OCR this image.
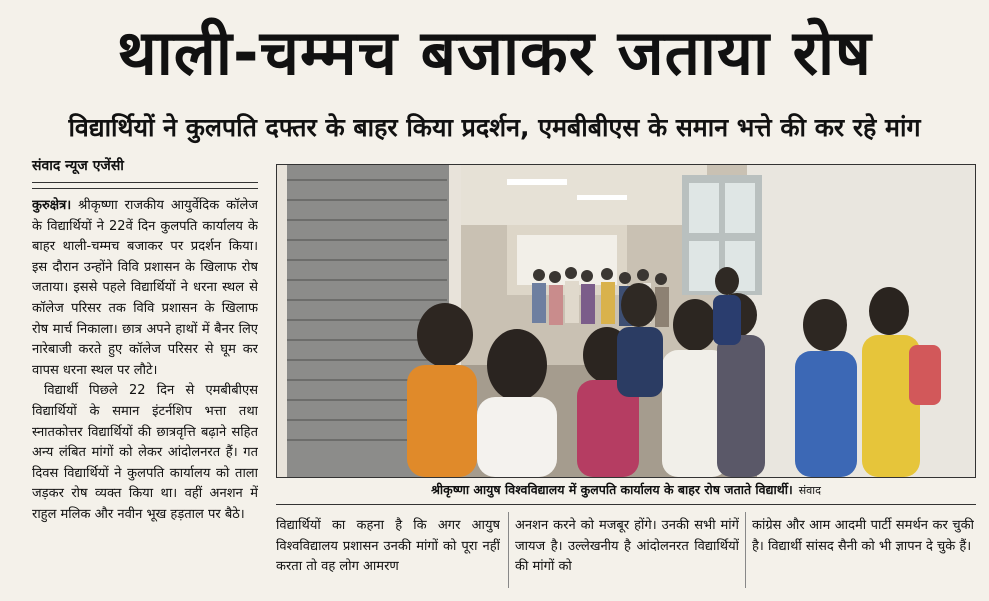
थाली-चम्मच बजाकर जताया रोष
विद्यार्थियों ने कुलपति दफ्तर के बाहर किया प्रदर्शन, एमबीबीएस के समान भत्ते की कर रहे मांग
संवाद न्यूज एजेंसी

कुरुक्षेत्र। श्रीकृष्णा राजकीय आयुर्वेदिक कॉलेज के विद्यार्थियों ने 22वें दिन कुलपति कार्यालय के बाहर थाली-चम्मच बजाकर पर प्रदर्शन किया। इस दौरान उन्होंने विवि प्रशासन के खिलाफ रोष जताया। इससे पहले विद्यार्थियों ने धरना स्थल से कॉलेज परिसर तक विवि प्रशासन के खिलाफ रोष मार्च निकाला। छात्र अपने हाथों में बैनर लिए नारेबाजी करते हुए कॉलेज परिसर से घूम कर वापस धरना स्थल पर लौटे।

विद्यार्थी पिछले 22 दिन से एमबीबीएस विद्यार्थियों के समान इंटर्नशिप भत्ता तथा स्नातकोत्तर विद्यार्थियों की छात्रवृत्ति बढ़ाने सहित अन्य लंबित मांगों को लेकर आंदोलनरत हैं। गत दिवस विद्यार्थियों ने कुलपति कार्यालय को ताला जड़कर रोष व्यक्त किया था। वहीं अनशन में राहुल मलिक और नवीन भूख हड़ताल पर बैठे।

श्रीकृष्णा आयुष विश्वविद्यालय में कुलपति कार्यालय के बाहर रोष जताते विद्यार्थी। संवाद

विद्यार्थियों का कहना है कि अगर आयुष विश्वविद्यालय प्रशासन उनकी मांगों को पूरा नहीं करता तो वह लोग आमरण

अनशन करने को मजबूर होंगे। उनकी सभी मांगें जायज है। उल्लेखनीय है आंदोलनरत विद्यार्थियों की मांगों को

कांग्रेस और आम आदमी पार्टी समर्थन कर चुकी है। विद्यार्थी सांसद सैनी को भी ज्ञापन दे चुके हैं।
